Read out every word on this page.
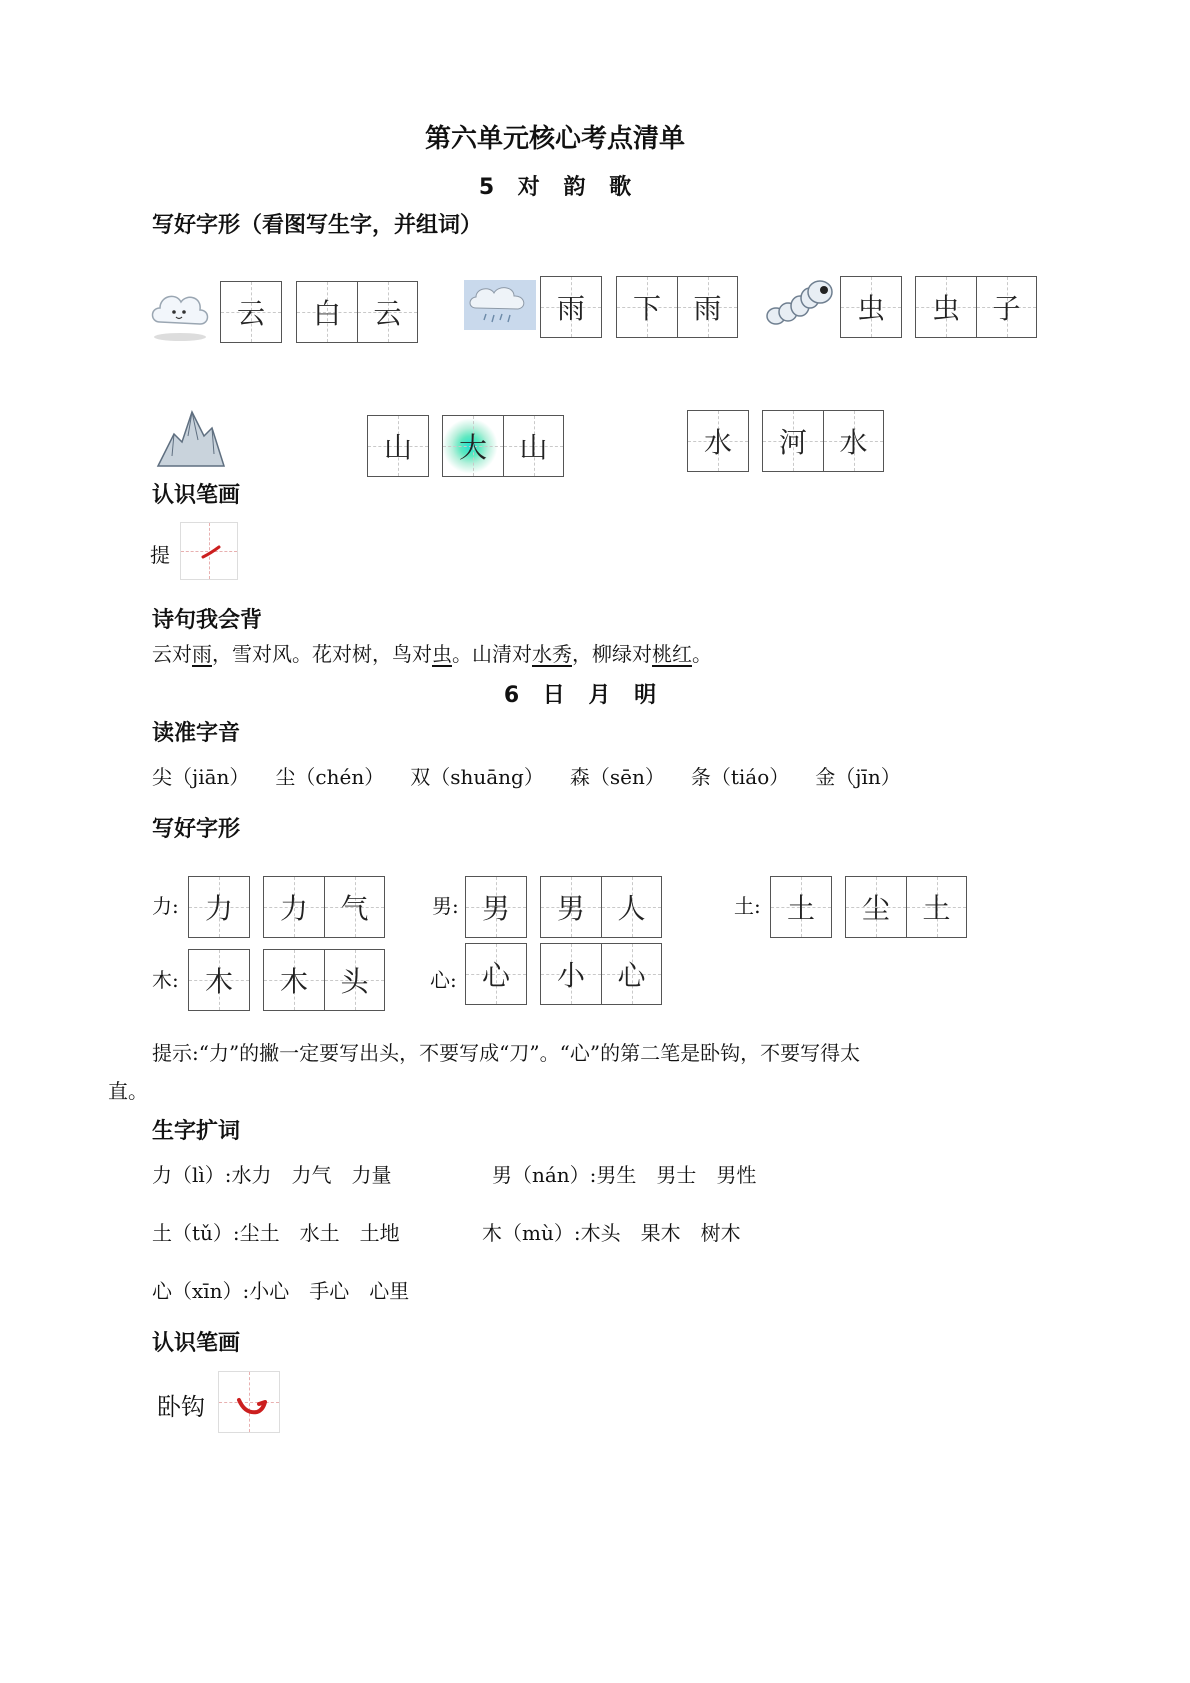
第六单元核心考点清单
5 对 韵 歌
写好字形（看图写生字，并组词）
云 白 云	雨 下 雨	虫 虫 子
山 大 山	水 河 水
认识笔画
提
诗句我会背
云对雨，雪对风。花对树，鸟对虫。山清对水秀，柳绿对桃红。
6 日 月 明
读准字音
尖（jiān） 尘（chén） 双（shuāng） 森（sēn） 条（tiáo） 金（jīn）
写好字形
力: 力 力 气	男: 男 男 人	土: 土 尘 土
木: 木 木 头	心: 心 小 心
提示:“力”的撇一定要写出头，不要写成“刀”。“心”的第二笔是卧钩，不要写得太
直。
生字扩词
力（lì）:水力　力气　力量	男（nán）:男生　男士　男性
土（tǔ）:尘土　水土　土地	木（mù）:木头　果木　树木
心（xīn）:小心　手心　心里
认识笔画
卧钩
